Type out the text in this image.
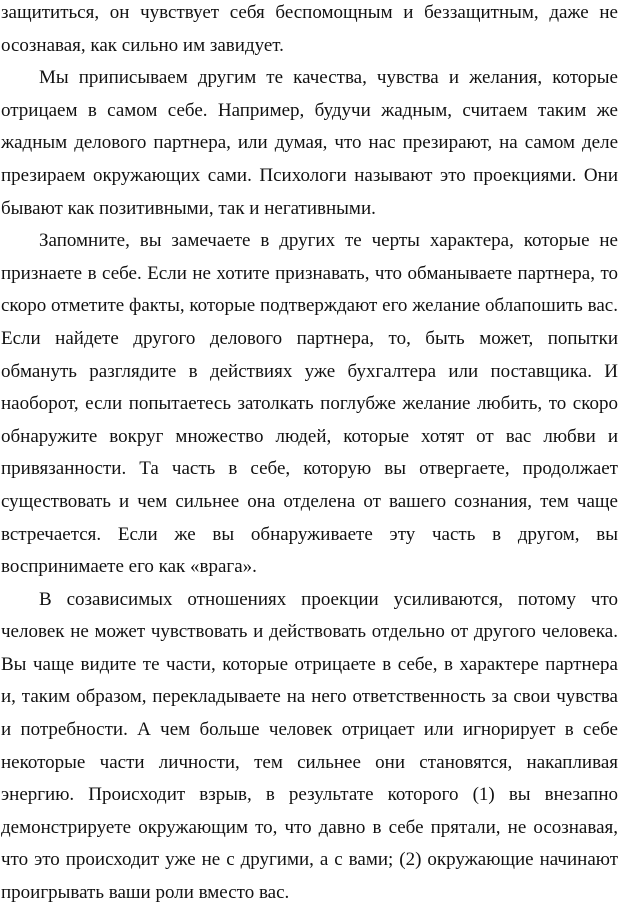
защититься, он чувствует себя беспомощным и беззащитным, даже не осознавая, как сильно им завидует.

Мы приписываем другим те качества, чувства и желания, которые отрицаем в самом себе. Например, будучи жадным, считаем таким же жадным делового партнера, или думая, что нас презирают, на самом деле презираем окружающих сами. Психологи называют это проекциями. Они бывают как позитивными, так и негативными.

Запомните, вы замечаете в других те черты характера, которые не признаете в себе. Если не хотите признавать, что обманываете партнера, то скоро отметите факты, которые подтверждают его желание облапошить вас. Если найдете другого делового партнера, то, быть может, попытки обмануть разглядите в действиях уже бухгалтера или поставщика. И наоборот, если попытаетесь затолкать поглубже желание любить, то скоро обнаружите вокруг множество людей, которые хотят от вас любви и привязанности. Та часть в себе, которую вы отвергаете, продолжает существовать и чем сильнее она отделена от вашего сознания, тем чаще встречается. Если же вы обнаруживаете эту часть в другом, вы воспринимаете его как «врага».

В созависимых отношениях проекции усиливаются, потому что человек не может чувствовать и действовать отдельно от другого человека. Вы чаще видите те части, которые отрицаете в себе, в характере партнера и, таким образом, перекладываете на него ответственность за свои чувства и потребности. А чем больше человек отрицает или игнорирует в себе некоторые части личности, тем сильнее они становятся, накапливая энергию. Происходит взрыв, в результате которого (1) вы внезапно демонстрируете окружающим то, что давно в себе прятали, не осознавая, что это происходит уже не с другими, а с вами; (2) окружающие начинают проигрывать ваши роли вместо вас.
